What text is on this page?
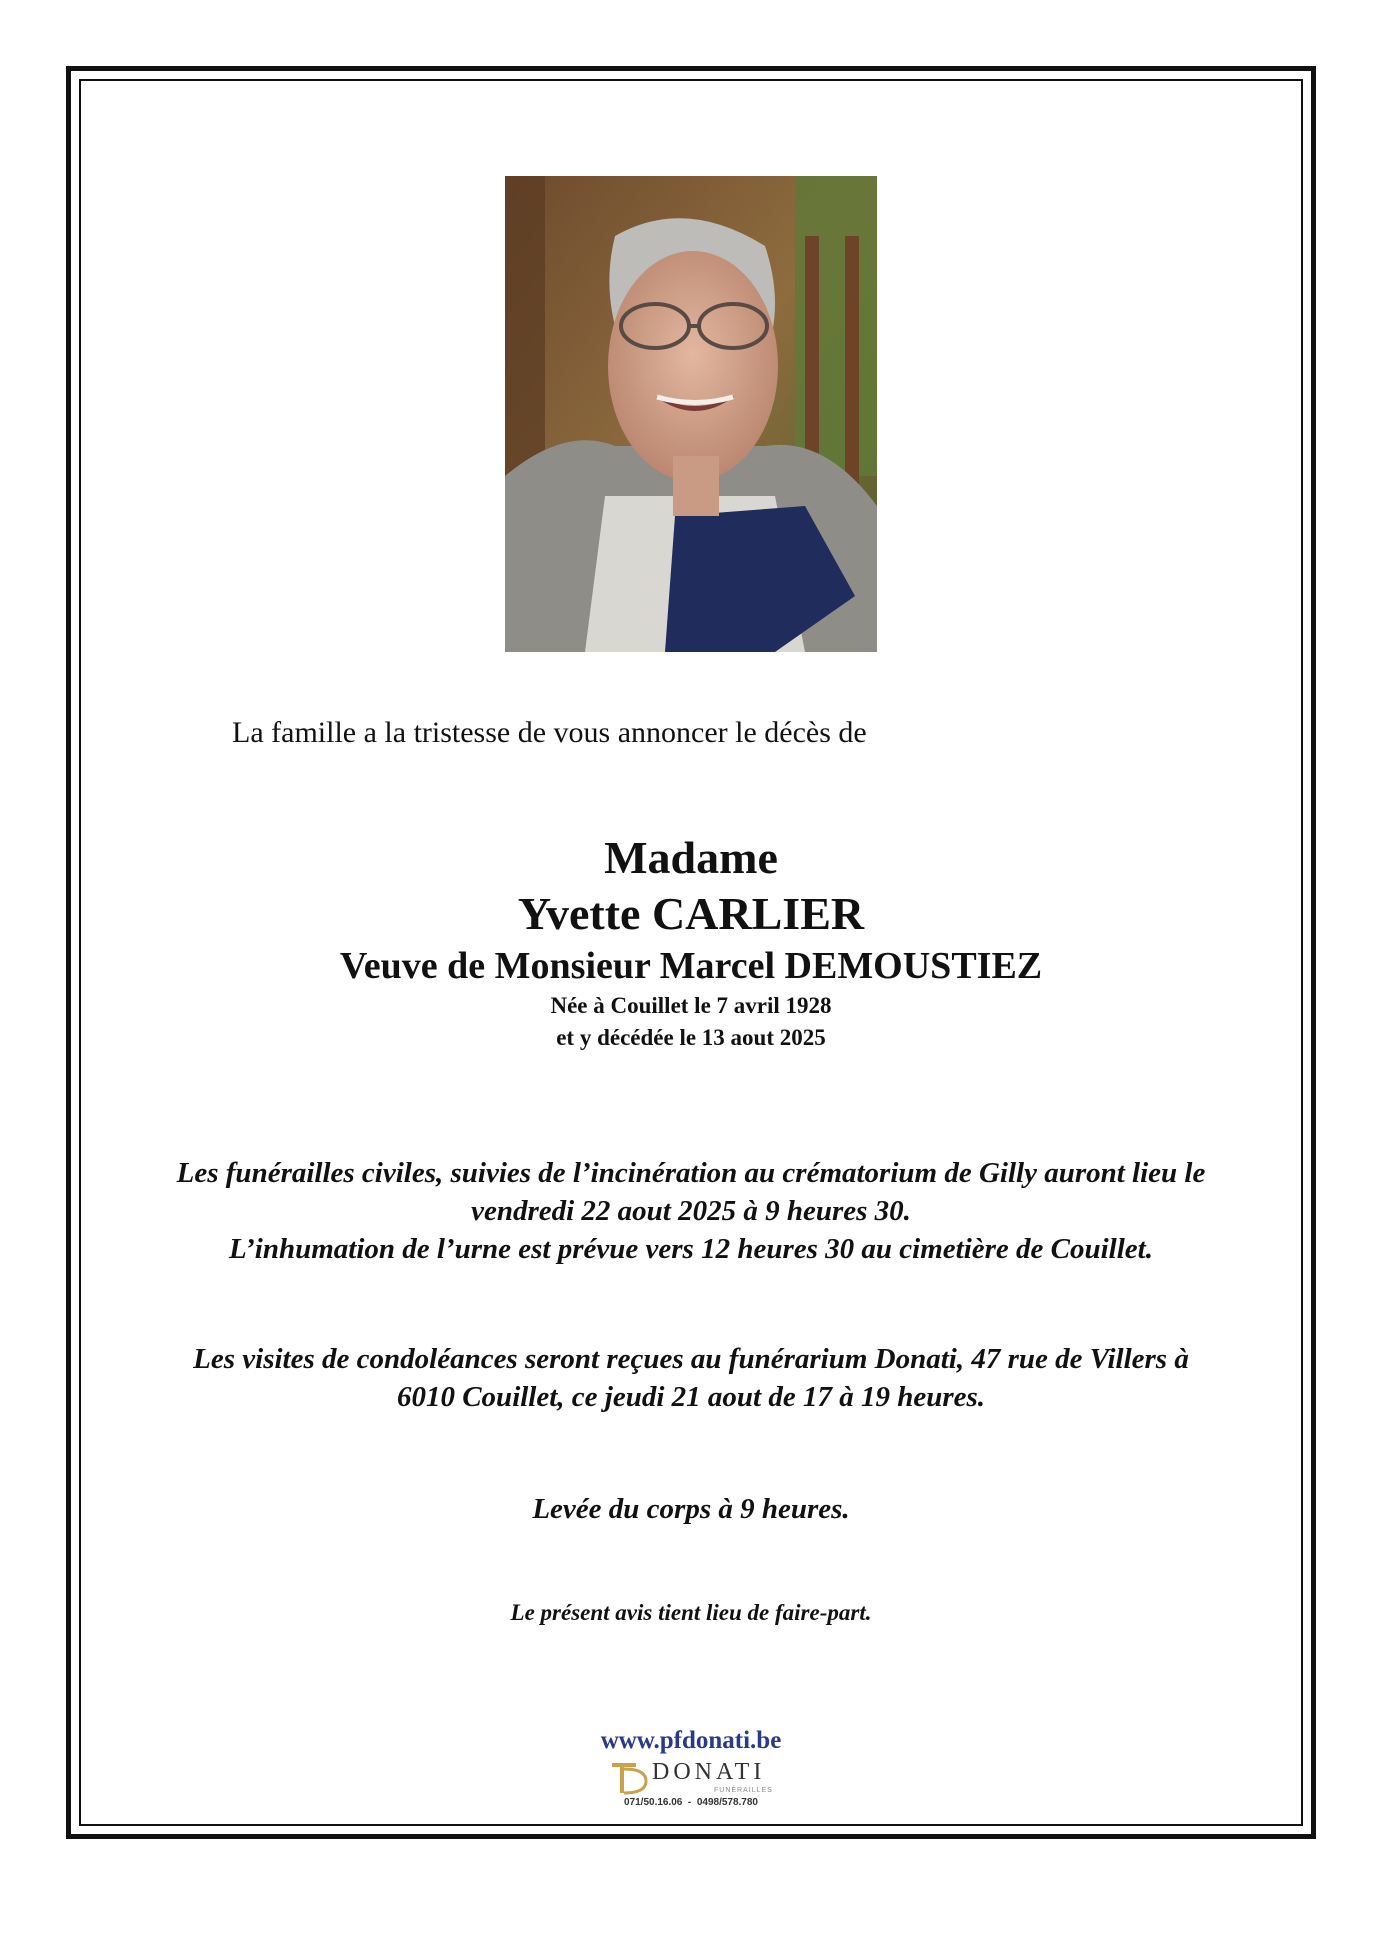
La famille a la tristesse de vous annoncer le décès de
Madame
Yvette CARLIER
Veuve de Monsieur Marcel DEMOUSTIEZ
Née à Couillet le 7 avril 1928
et y décédée le 13 aout 2025
Les funérailles civiles, suivies de l’incinération au crématorium de Gilly auront lieu le
vendredi 22 aout 2025 à 9 heures 30.
L’inhumation de l’urne est prévue vers 12 heures 30 au cimetière de Couillet.
Les visites de condoléances seront reçues au funérarium Donati, 47 rue de Villers à
6010 Couillet, ce jeudi 21 aout de 17 à 19 heures.
Levée du corps à 9 heures.
Le présent avis tient lieu de faire-part.
www.pfdonati.be
DONATI
FUNÉRAILLES
071/50.16.06  -  0498/578.780
